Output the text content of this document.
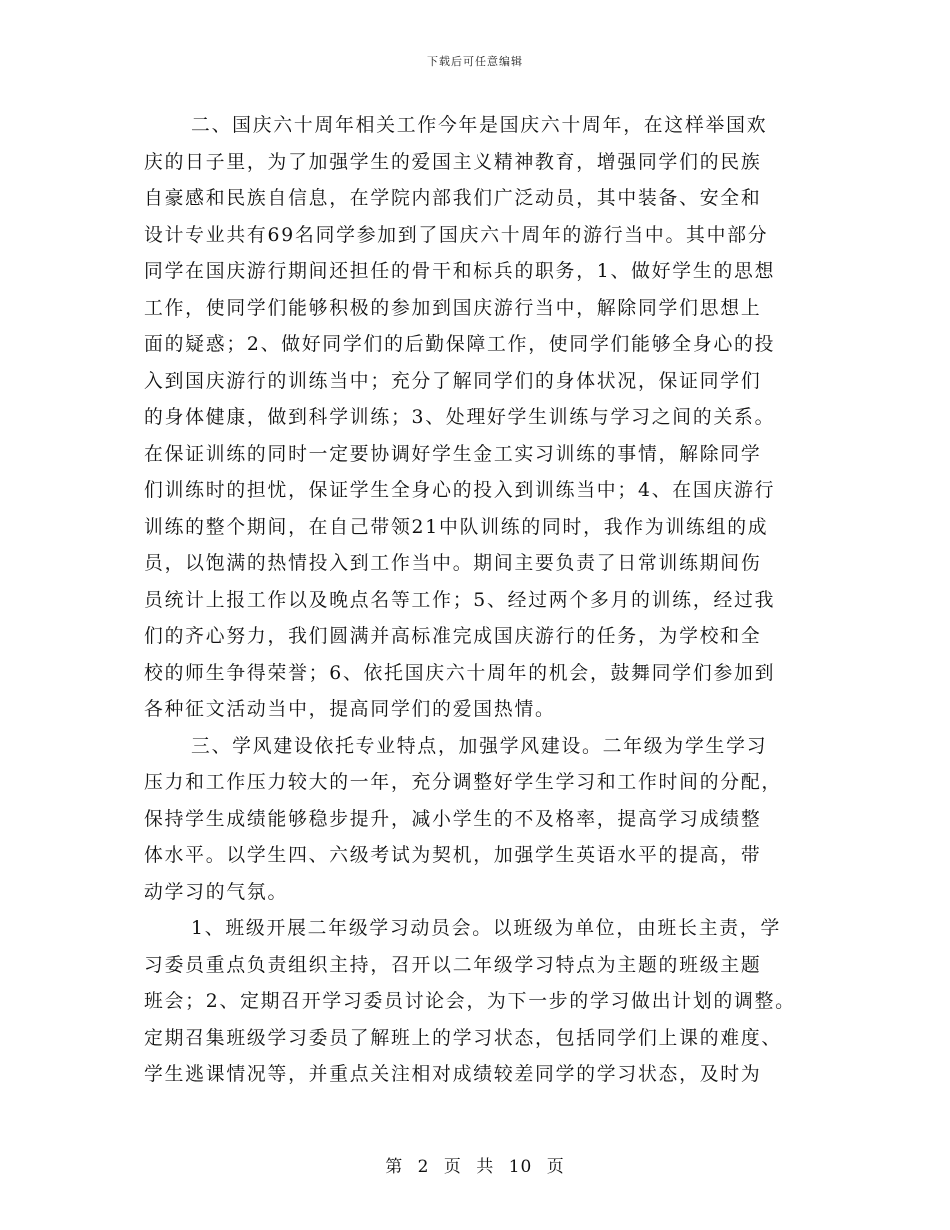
下载后可任意编辑
二、国庆六十周年相关工作今年是国庆六十周年，在这样举国欢
庆的日子里，为了加强学生的爱国主义精神教育，增强同学们的民族
自豪感和民族自信息，在学院内部我们广泛动员，其中装备、安全和
设计专业共有69名同学参加到了国庆六十周年的游行当中。其中部分
同学在国庆游行期间还担任的骨干和标兵的职务，1、做好学生的思想
工作，使同学们能够积极的参加到国庆游行当中，解除同学们思想上
面的疑惑；2、做好同学们的后勤保障工作，使同学们能够全身心的投
入到国庆游行的训练当中；充分了解同学们的身体状况，保证同学们
的身体健康，做到科学训练；3、处理好学生训练与学习之间的关系。
在保证训练的同时一定要协调好学生金工实习训练的事情，解除同学
们训练时的担忧，保证学生全身心的投入到训练当中；4、在国庆游行
训练的整个期间，在自己带领21中队训练的同时，我作为训练组的成
员，以饱满的热情投入到工作当中。期间主要负责了日常训练期间伤
员统计上报工作以及晚点名等工作；5、经过两个多月的训练，经过我
们的齐心努力，我们圆满并高标准完成国庆游行的任务，为学校和全
校的师生争得荣誉；6、依托国庆六十周年的机会，鼓舞同学们参加到
各种征文活动当中，提高同学们的爱国热情。
三、学风建设依托专业特点，加强学风建设。二年级为学生学习
压力和工作压力较大的一年，充分调整好学生学习和工作时间的分配，
保持学生成绩能够稳步提升，减小学生的不及格率，提高学习成绩整
体水平。以学生四、六级考试为契机，加强学生英语水平的提高，带
动学习的气氛。
1、班级开展二年级学习动员会。以班级为单位，由班长主责，学
习委员重点负责组织主持，召开以二年级学习特点为主题的班级主题
班会；2、定期召开学习委员讨论会，为下一步的学习做出计划的调整。
定期召集班级学习委员了解班上的学习状态，包括同学们上课的难度、
学生逃课情况等，并重点关注相对成绩较差同学的学习状态，及时为
第 2 页 共 10 页
